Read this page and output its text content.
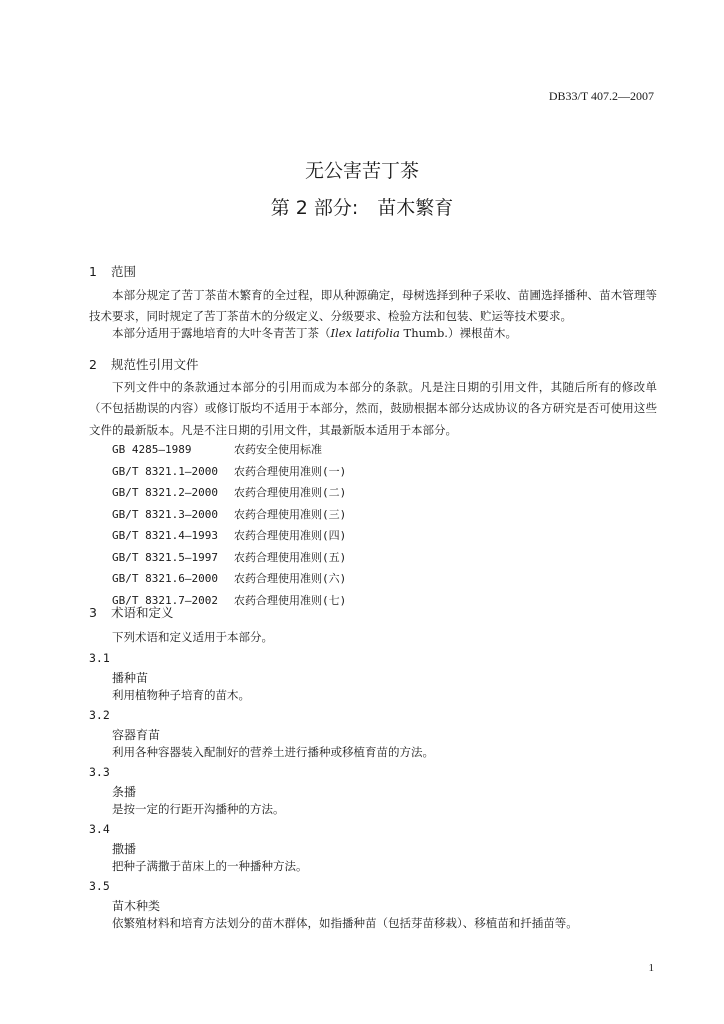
DB33/T 407.2—2007
无公害苦丁茶
第 2 部分:　苗木繁育
1 范围
本部分规定了苦丁茶苗木繁育的全过程，即从种源确定，母树选择到种子采收、苗圃选择播种、苗木管理等技术要求，同时规定了苦丁茶苗木的分级定义、分级要求、检验方法和包装、贮运等技术要求。
本部分适用于露地培育的大叶冬青苦丁茶（Ilex latifolia Thumb.）裸根苗木。
2 规范性引用文件
下列文件中的条款通过本部分的引用而成为本部分的条款。凡是注日期的引用文件，其随后所有的修改单（不包括勘误的内容）或修订版均不适用于本部分，然而，鼓励根据本部分达成协议的各方研究是否可使用这些文件的最新版本。凡是不注日期的引用文件，其最新版本适用于本部分。
GB 4285—1989	农药安全使用标准
GB/T 8321.1—2000 农药合理使用准则(一)
GB/T 8321.2—2000 农药合理使用准则(二)
GB/T 8321.3—2000 农药合理使用准则(三)
GB/T 8321.4—1993 农药合理使用准则(四)
GB/T 8321.5—1997 农药合理使用准则(五)
GB/T 8321.6—2000 农药合理使用准则(六)
GB/T 8321.7—2002 农药合理使用准则(七)
3 术语和定义
下列术语和定义适用于本部分。
3.1
播种苗
利用植物种子培育的苗木。
3.2
容器育苗
利用各种容器装入配制好的营养土进行播种或移植育苗的方法。
3.3
条播
是按一定的行距开沟播种的方法。
3.4
撒播
把种子满撒于苗床上的一种播种方法。
3.5
苗木种类
依繁殖材料和培育方法划分的苗木群体，如指播种苗（包括芽苗移栽）、移植苗和扦插苗等。
1
